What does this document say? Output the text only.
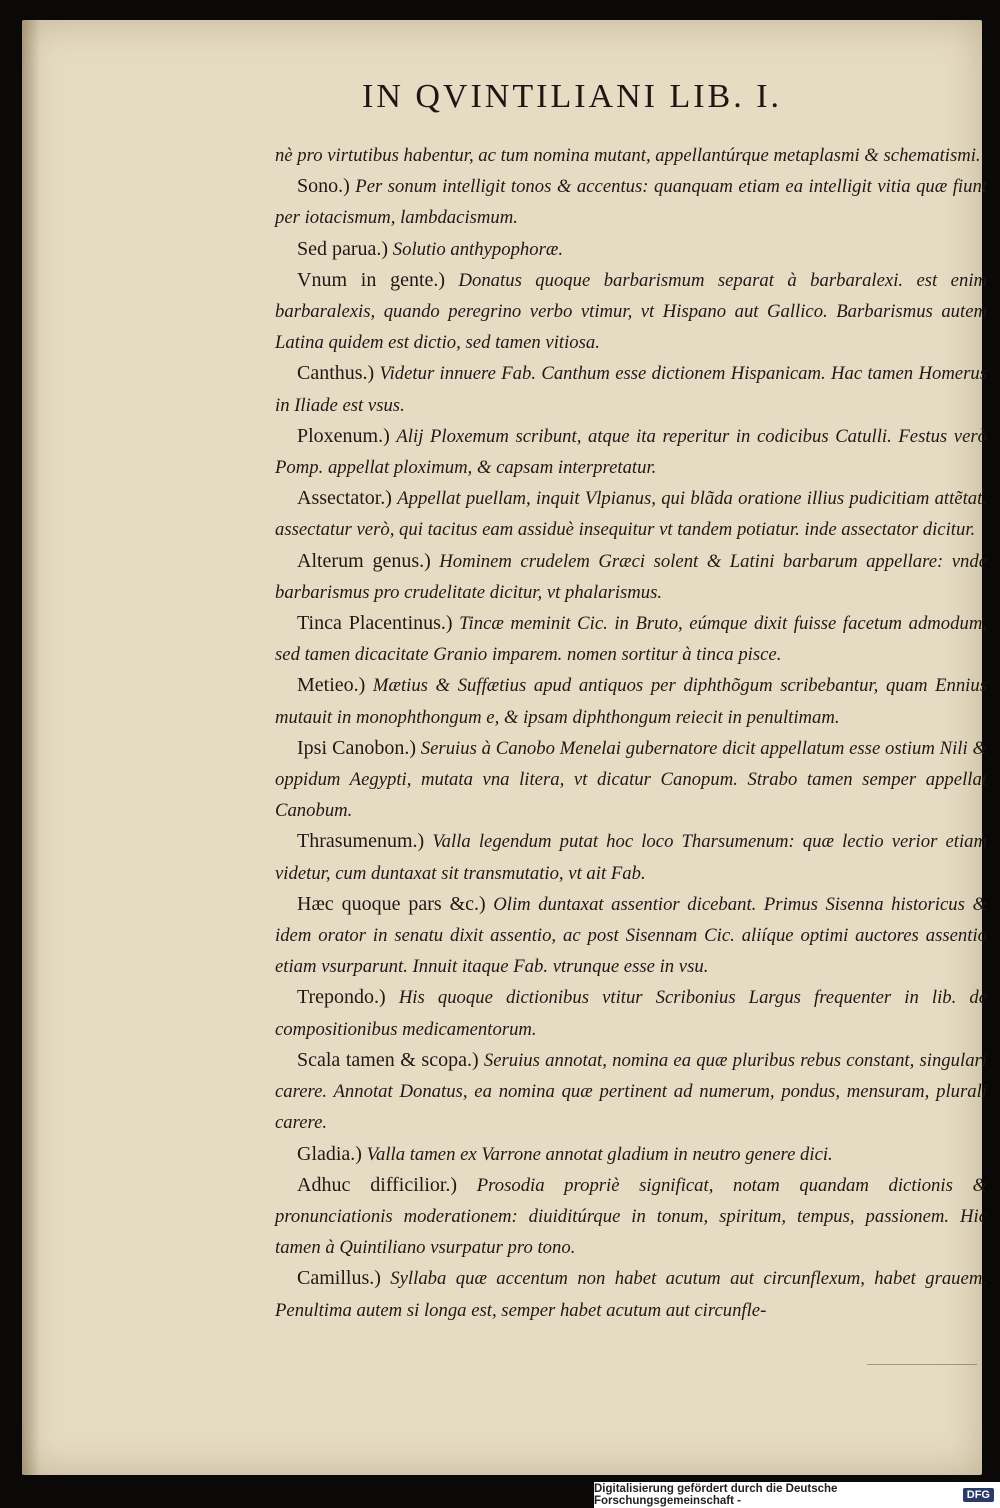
IN QVINTILIANI LIB. I.

nè pro virtutibus habentur, ac tum nomina mutant, appellantúrque metaplasmi & schematismi.

Sono.) Per sonum intelligit tonos & accentus: quanquam etiam ea intelligit vitia quæ fiunt per iotacismum, lambdacismum.

Sed parua.) Solutio anthypophoræ.

Vnum in gente.) Donatus quoque barbarismum separat à barbaralexi. est enim barbaralexis, quando peregrino verbo vtimur, vt Hispano aut Gallico. Barbarismus autem Latina quidem est dictio, sed tamen vitiosa.

Canthus.) Videtur innuere Fab. Canthum esse dictionem Hispanicam. Hac tamen Homerus in Iliade est vsus.

Ploxenum.) Alij Ploxemum scribunt, atque ita reperitur in codicibus Catulli. Festus verò Pomp. appellat ploximum, & capsam interpretatur.

Assectator.) Appellat puellam, inquit Vlpianus, qui blãda oratione illius pudicitiam attẽtat. assectatur verò, qui tacitus eam assiduè insequitur vt tandem potiatur. inde assectator dicitur.

Alterum genus.) Hominem crudelem Græci solent & Latini barbarum appellare: vnde barbarismus pro crudelitate dicitur, vt phalarismus.

Tinca Placentinus.) Tincæ meminit Cic. in Bruto, eúmque dixit fuisse facetum admodum, sed tamen dicacitate Granio imparem. nomen sortitur à tinca pisce.

Metieo.) Mætius & Suffætius apud antiquos per diphthõgum scribebantur, quam Ennius mutauit in monophthongum e, & ipsam diphthongum reiecit in penultimam.

Ipsi Canobon.) Seruius à Canobo Menelai gubernatore dicit appellatum esse ostium Nili & oppidum Aegypti, mutata vna litera, vt dicatur Canopum. Strabo tamen semper appellat Canobum.

Thrasumenum.) Valla legendum putat hoc loco Tharsumenum: quæ lectio verior etiam videtur, cum duntaxat sit transmutatio, vt ait Fab.

Hæc quoque pars &c.) Olim duntaxat assentior dicebant. Primus Sisenna historicus & idem orator in senatu dixit assentio, ac post Sisennam Cic. aliíque optimi auctores assentio etiam vsurparunt. Innuit itaque Fab. vtrunque esse in vsu.

Trepondo.) His quoque dictionibus vtitur Scribonius Largus frequenter in lib. de compositionibus medicamentorum.

Scala tamen & scopa.) Seruius annotat, nomina ea quæ pluribus rebus constant, singulari carere. Annotat Donatus, ea nomina quæ pertinent ad numerum, pondus, mensuram, plurali carere.

Gladia.) Valla tamen ex Varrone annotat gladium in neutro genere dici.

Adhuc difficilior.) Prosodia propriè significat, notam quandam dictionis & pronunciationis moderationem: diuiditúrque in tonum, spiritum, tempus, passionem. Hic tamen à Quintiliano vsurpatur pro tono.

Camillus.) Syllaba quæ accentum non habet acutum aut circunflexum, habet grauem. Penultima autem si longa est, semper habet acutum aut circunfle-

Digitalisierung gefördert durch die Deutsche Forschungsgemeinschaft -	DFG
